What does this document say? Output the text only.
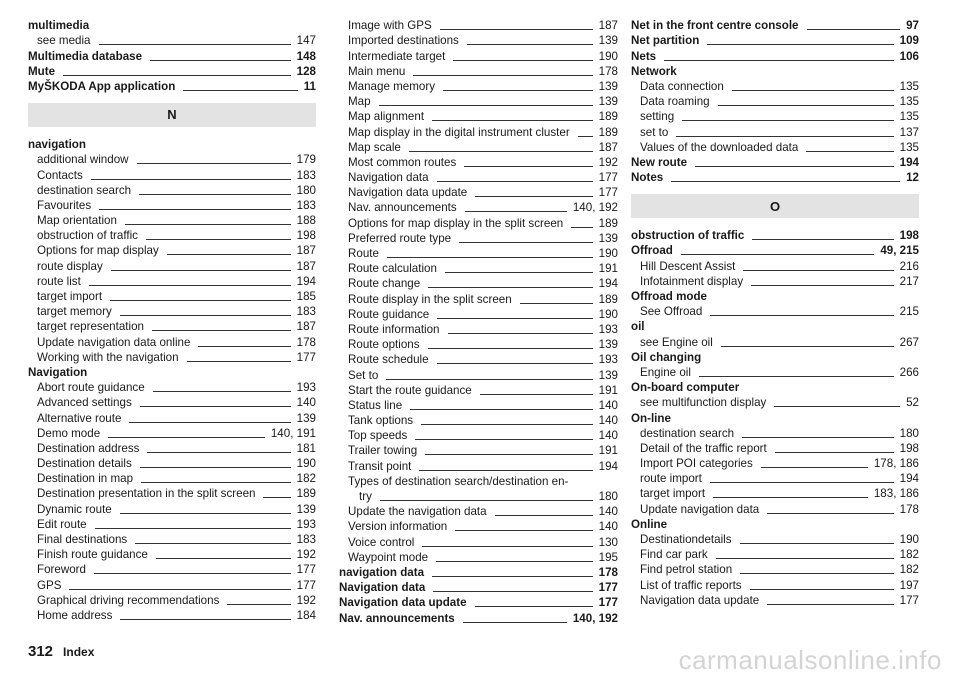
multimedia
see media	147
Multimedia database	148
Mute	128
MyŠKODA App application	11
N
navigation
additional window	179
Contacts	183
destination search	180
Favourites	183
Map orientation	188
obstruction of traffic	198
Options for map display	187
route display	187
route list	194
target import	185
target memory	183
target representation	187
Update navigation data online	178
Working with the navigation	177
Navigation
Abort route guidance	193
Advanced settings	140
Alternative route	139
Demo mode	140, 191
Destination address	181
Destination details	190
Destination in map	182
Destination presentation in the split screen	189
Dynamic route	139
Edit route	193
Final destinations	183
Finish route guidance	192
Foreword	177
GPS	177
Graphical driving recommendations	192
Home address	184
Image with GPS	187
Imported destinations	139
Intermediate target	190
Main menu	178
Manage memory	139
Map	139
Map alignment	189
Map display in the digital instrument cluster 189
Map scale	187
Most common routes	192
Navigation data	177
Navigation data update	177
Nav. announcements	140, 192
Options for map display in the split screen	189
Preferred route type	139
Route	190
Route calculation	191
Route change	194
Route display in the split screen	189
Route guidance	190
Route information	193
Route options	139
Route schedule	193
Set to	139
Start the route guidance	191
Status line	140
Tank options	140
Top speeds	140
Trailer towing	191
Transit point	194
Types of destination search/destination en-
try	180
Update the navigation data	140
Version information	140
Voice control	130
Waypoint mode	195
navigation data	178
Navigation data	177
Navigation data update	177
Nav. announcements	140, 192
Net in the front centre console	97
Net partition	109
Nets	106
Network
Data connection	135
Data roaming	135
setting	135
set to	137
Values of the downloaded data	135
New route	194
Notes	12
O
obstruction of traffic	198
Offroad	49, 215
Hill Descent Assist	216
Infotainment display	217
Offroad mode
See Offroad	215
oil
see Engine oil	267
Oil changing
Engine oil	266
On-board computer
see multifunction display	52
On-line
destination search	180
Detail of the traffic report	198
Import POI categories	178, 186
route import	194
target import	183, 186
Update navigation data	178
Online
Destinationdetails	190
Find car park	182
Find petrol station	182
List of traffic reports	197
Navigation data update	177
312 Index	carmanualsonline.info
